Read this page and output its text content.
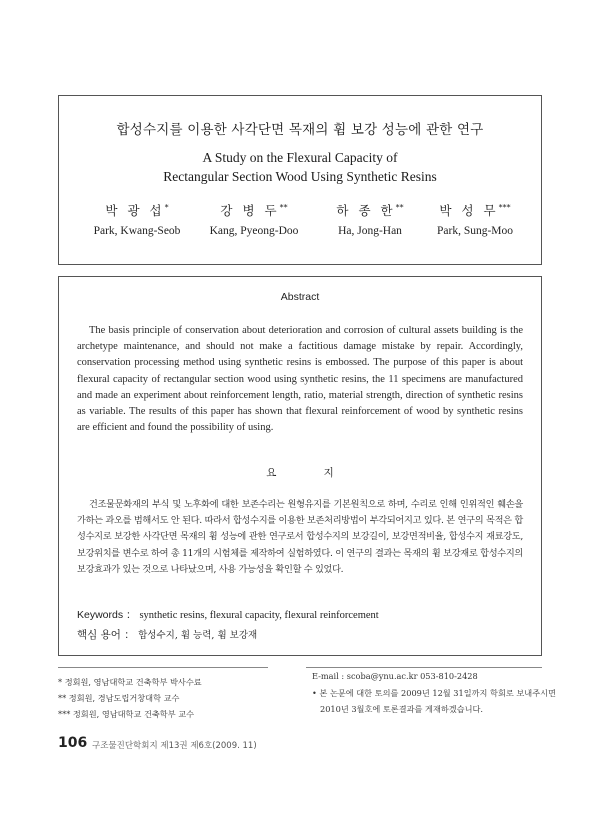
합성수지를 이용한 사각단면 목재의 휨 보강 성능에 관한 연구
A Study on the Flexural Capacity of
Rectangular Section Wood Using Synthetic Resins
박 광 섭*
Park, Kwang-Seob
강 병 두**
Kang, Pyeong-Doo
하 종 한**
Ha, Jong-Han
박 성 무***
Park, Sung-Moo
Abstract

The basis principle of conservation about deterioration and corrosion of cultural assets building is the archetype maintenance, and should not make a factitious damage mistake by repair. Accordingly, conservation processing method using synthetic resins is embossed. The purpose of this paper is about flexural capacity of rectangular section wood using synthetic resins, the 11 specimens are manufactured and made an experiment about reinforcement length, ratio, material strength, direction of synthetic resins as variable. The results of this paper has shown that flexural reinforcement of wood by synthetic resins are efficient and found the possibility of using.

요 지

건조물문화재의 부식 및 노후화에 대한 보존수리는 원형유지를 기본원칙으로 하며, 수리로 인해 인위적인 훼손을 가하는 과오를 범해서도 안 된다. 따라서 합성수지를 이용한 보존처리방법이 부각되어지고 있다. 본 연구의 목적은 합성수지로 보강한 사각단면 목재의 휨 성능에 관한 연구로서 합성수지의 보강길이, 보강면적비율, 합성수지 재료강도, 보강위치를 변수로 하여 총 11개의 시험체를 제작하여 실험하였다. 이 연구의 결과는 목재의 휨 보강재로 합성수지의 보강효과가 있는 것으로 나타났으며, 사용 가능성을 확인할 수 있었다.

Keywords ： synthetic resins, flexural capacity, flexural reinforcement
핵심 용어 ： 합성수지, 휨 능력, 휨 보강재
* 정회원, 영남대학교 건축학부 박사수료
** 정회원, 경남도립거창대학 교수
*** 정회원, 영남대학교 건축학부 교수
E-mail : scoba@ynu.ac.kr 053-810-2428
• 본 논문에 대한 토의를 2009년 12월 31일까지 학회로 보내주시면
2010년 3월호에 토론결과를 게재하겠습니다.
106 구조물진단학회지 제13권 제6호(2009. 11)
